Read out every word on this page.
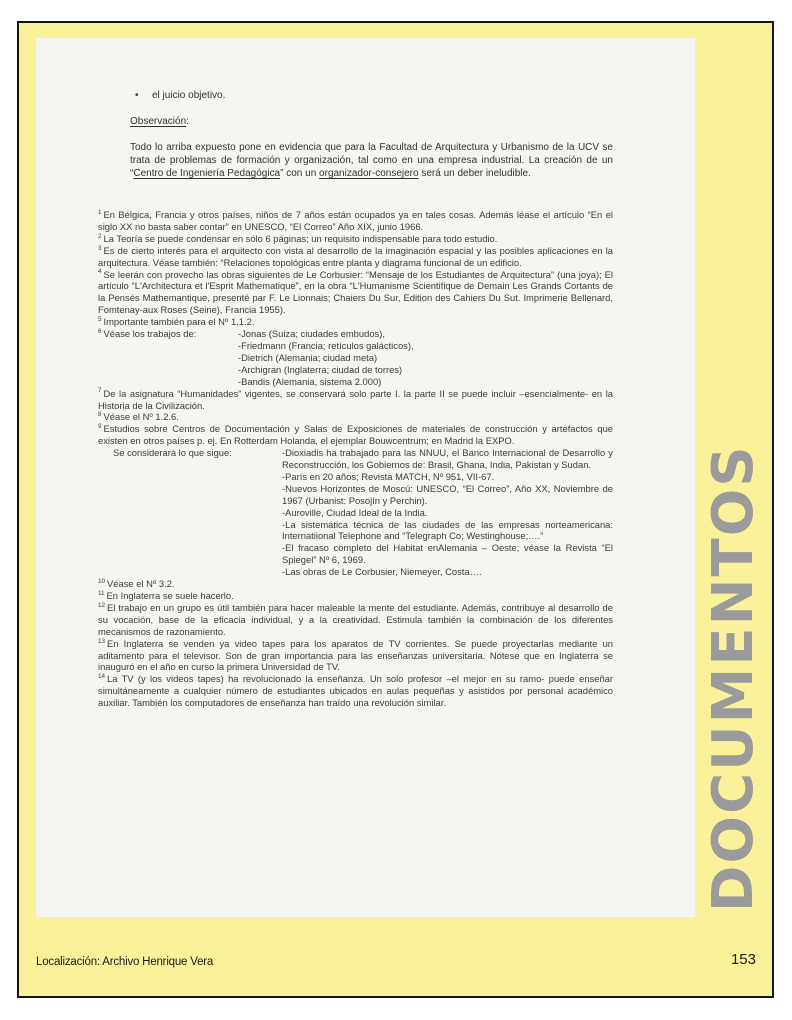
DOCUMENTOS
•	el juicio objetivo.
Observación:

Todo lo arriba expuesto pone en evidencia que para la Facultad de Arquitectura y Urbanismo de la UCV se trata de problemas de formación y organización, tal como en una empresa industrial. La creación de un “Centro de Ingeniería Pedagógica” con un organizador-consejero será un deber ineludible.

$^1$ En Bélgica, Francia y otros países, niños de 7 años están ocupados ya en tales cosas. Además léase el artículo “En el siglo XX no basta saber contar” en UNESCO, “El Correo” Año XIX, junio 1966.

$^2$ La Teoría se puede condensar en sólo 6 páginas; un requisito indispensable para todo estudio.

$^3$ Es de cierto interés para el arquitecto con vista al desarrollo de la imaginación espacial y las posibles aplicaciones en la arquitectura. Véase también: “Relaciones topológicas entre planta y diagrama funcional de un edificio.

$^4$ Se leerán con provecho las obras siguientes de Le Corbusier: “Mensaje de los Estudiantes de Arquitectura” (una joya); El artículo “L'Architectura et l'Esprit Mathematique”, en la obra “L'Humanisme Scientifique de Demain Les Grands Cortants de la Pensés Mathemantique, presenté par F. Le Lionnais; Chaiers Du Sur, Edition des Cahiers Du Sut. Imprimerie Bellenard, Fomtenay-aux Roses (Seine), Francia 1955).

$^5$ Importante también para el Nº 1.1.2.

$^6$ Véase los trabajos de:	-Jonas (Suiza; ciudades embudos),

-Friedmann (Francia; retículos galácticos),

-Dietrich (Alemania; ciudad meta)

-Archigran (Inglaterra; ciudad de torres)

-Bandis (Alemania, sistema 2.000)

$^7$ De la asignatura “Humanidades” vigentes, se conservará solo parte I. la parte II se puede incluir –esencialmente- en la Historia de la Civilización.

$^8$ Véase el Nº 1.2.6.

$^9$ Estudios sobre Centros de Documentación y Salas de Exposiciones de materiales de construcción y artefactos que existen en otros países p. ej. En Rotterdam Holanda, el ejemplar Bouwcentrum; en Madrid la EXPO.

Se considerará lo que sigue:	-Dioxiadis ha trabajado para las NNUU, el Banco Internacional de Desarrollo y Reconstrucción, los Gobiernos de: Brasil, Ghana, India, Pakistan y Sudan.

-París en 20 años; Revista MATCH, Nº 951, VII-67.

-Nuevos Horizontes de Moscú: UNESCO, “El Correo”, Año XX, Noviembre de 1967 (Urbanist: Posojín y Perchin).

-Auroville, Ciudad Ideal de la India.

-La sistemática técnica de las ciudades de las empresas norteamericana: Internatiional Telephone and “Telegraph Co; Westinghouse;….”

-El fracaso completo del Habitat enAlemania – Oeste; véase la Revista “El Spiegel” Nº 6, 1969.

-Las obras de Le Corbusier, Niemeyer, Costa….

$^{10}$ Véase el Nº 3.2.

$^{11}$ En Inglaterra se suele hacerlo.

$^{12}$ El trabajo en un grupo es útil también para hacer maleable la mente del estudiante. Además, contribuye al desarrollo de su vocación, base de la eficacia individual, y a la creatividad. Estimula también la combinación de los diferentes mecanismos de razonamiento.

$^{13}$ En Inglaterra se venden ya video tapes para los aparatos de TV corrientes. Se puede proyectarlas mediante un aditamento para el televisor. Son de gran importancia para las enseñanzas universitaria. Nótese que en Inglaterra se inauguró en el año en curso la primera Universidad de TV.

$^{14}$ La TV (y los videos tapes) ha revolucionado la enseñanza. Un solo profesor –el mejor en su ramo- puede enseñar simultáneamente a cualquier número de estudiantes ubicados en aulas pequeñas y asistidos por personal académico auxiliar. También los computadores de enseñanza han traído una revolución similar.

Localización: Archivo Henrique Vera	153
